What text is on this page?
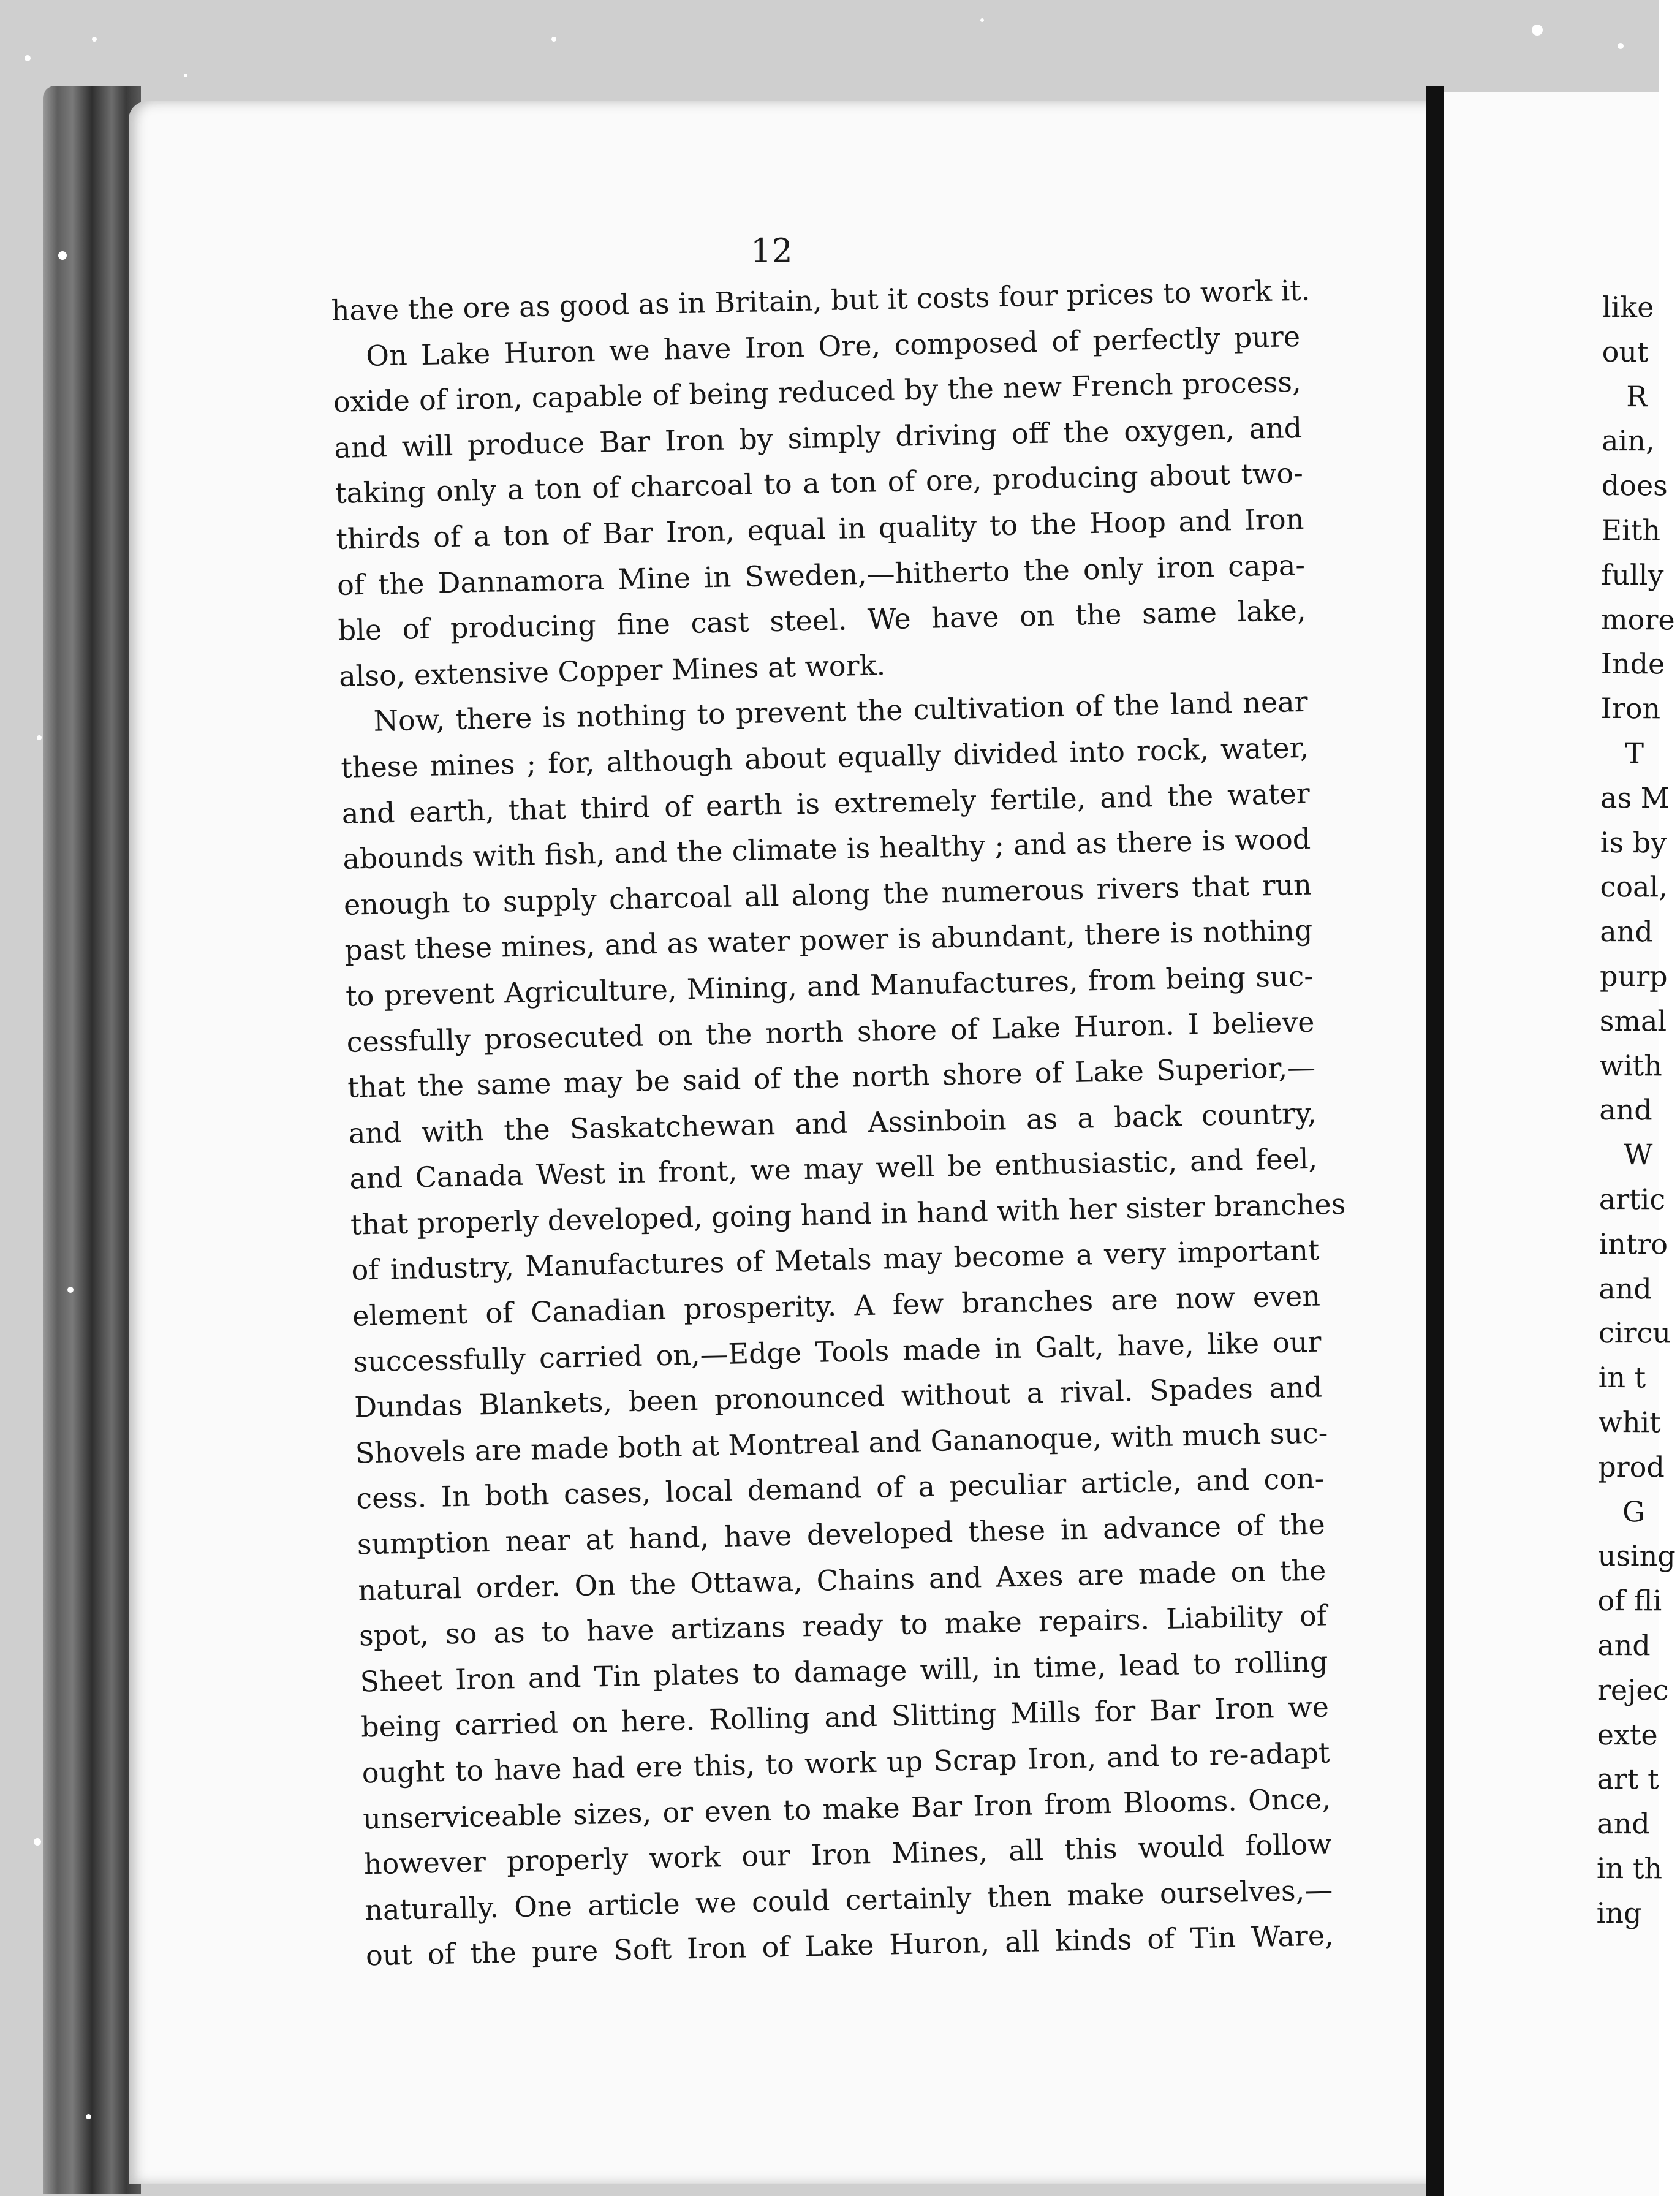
12
have the ore as good as in Britain, but it costs four prices to work it.
On Lake Huron we have Iron Ore, composed of perfectly pure
oxide of iron, capable of being reduced by the new French process,
and will produce Bar Iron by simply driving off the oxygen, and
taking only a ton of charcoal to a ton of ore, producing about two-
thirds of a ton of Bar Iron, equal in quality to the Hoop and Iron
of the Dannamora Mine in Sweden,—hitherto the only iron capa-
ble of producing fine cast steel. We have on the same lake,
also, extensive Copper Mines at work.
Now, there is nothing to prevent the cultivation of the land near
these mines ; for, although about equally divided into rock, water,
and earth, that third of earth is extremely fertile, and the water
abounds with fish, and the climate is healthy ; and as there is wood
enough to supply charcoal all along the numerous rivers that run
past these mines, and as water power is abundant, there is nothing
to prevent Agriculture, Mining, and Manufactures, from being suc-
cessfully prosecuted on the north shore of Lake Huron. I believe
that the same may be said of the north shore of Lake Superior,—
and with the Saskatchewan and Assinboin as a back country,
and Canada West in front, we may well be enthusiastic, and feel,
that properly developed, going hand in hand with her sister branches
of industry, Manufactures of Metals may become a very important
element of Canadian prosperity. A few branches are now even
successfully carried on,—Edge Tools made in Galt, have, like our
Dundas Blankets, been pronounced without a rival. Spades and
Shovels are made both at Montreal and Gananoque, with much suc-
cess. In both cases, local demand of a peculiar article, and con-
sumption near at hand, have developed these in advance of the
natural order. On the Ottawa, Chains and Axes are made on the
spot, so as to have artizans ready to make repairs. Liability of
Sheet Iron and Tin plates to damage will, in time, lead to rolling
being carried on here. Rolling and Slitting Mills for Bar Iron we
ought to have had ere this, to work up Scrap Iron, and to re-adapt
unserviceable sizes, or even to make Bar Iron from Blooms. Once,
however properly work our Iron Mines, all this would follow
naturally. One article we could certainly then make ourselves,—
out of the pure Soft Iron of Lake Huron, all kinds of Tin Ware,
like
out
R
ain,
does
Eith
fully
more
Inde
Iron
T
as M
is by
coal,
and
purp
smal
with
and
W
artic
intro
and
circu
in t
whit
prod
G
using
of fli
and
rejec
exte
art t
and
in th
ing
